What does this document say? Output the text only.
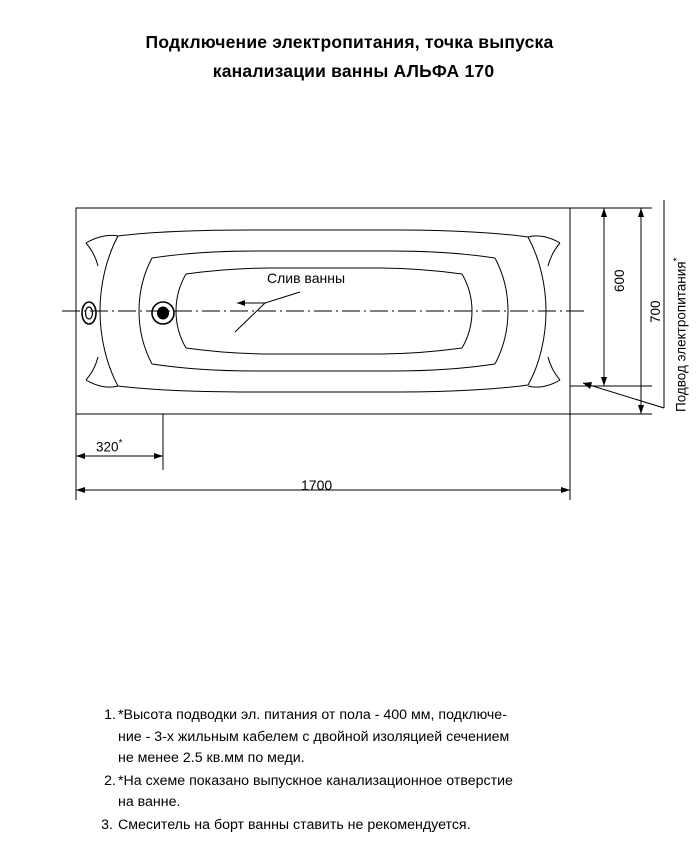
Подключение электропитания, точка выпуска
канализации ванны АЛЬФА 170
Слив ванны
320*
1700
600
700 Подвод электропитания*
1. *Высота подводки эл. питания от пола - 400 мм, подключе-
ние - 3-х жильным кабелем с двойной изоляцией сечением
не менее 2.5 кв.мм по меди.
2. *На схеме показано выпускное канализационное отверстие
на ванне.
3. Смеситель на борт ванны ставить не рекомендуется.
